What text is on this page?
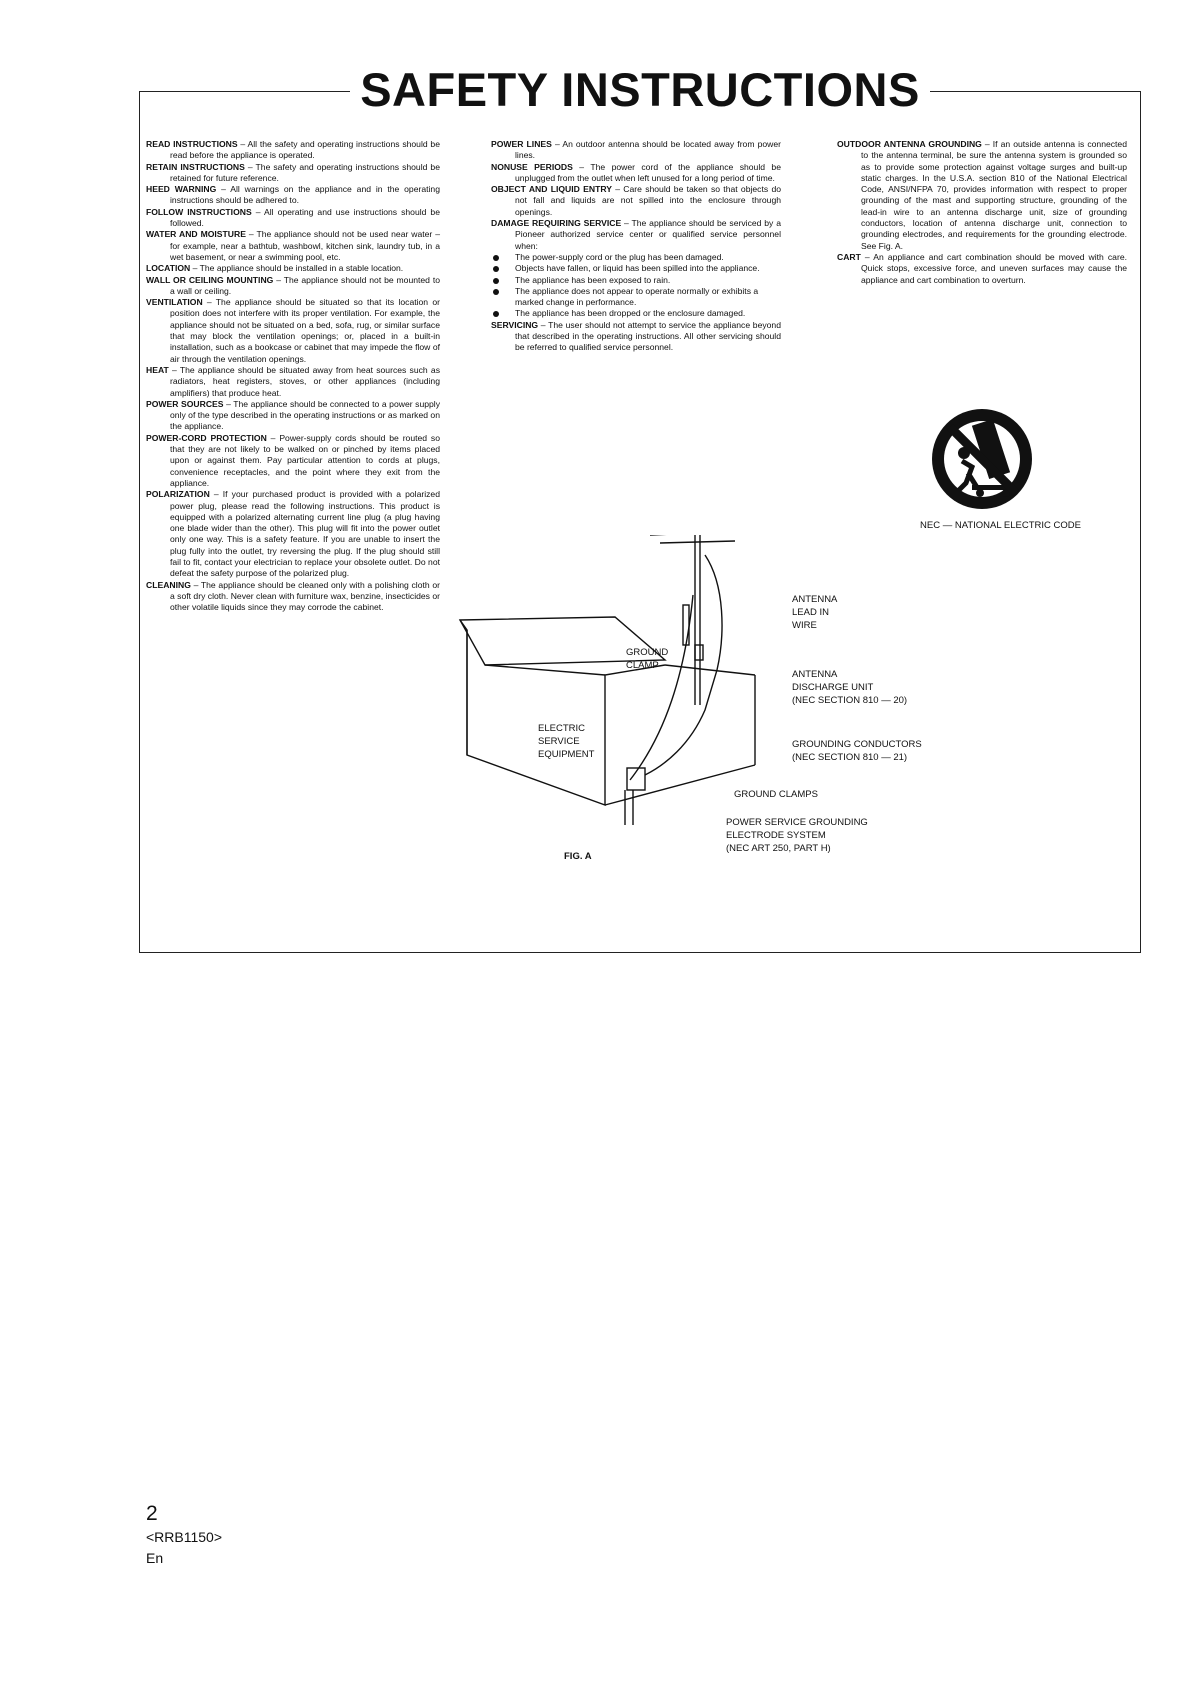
SAFETY INSTRUCTIONS

READ INSTRUCTIONS – All the safety and operating instructions should be read before the appliance is operated.

RETAIN INSTRUCTIONS – The safety and operating instructions should be retained for future reference.

HEED WARNING – All warnings on the appliance and in the operating instructions should be adhered to.

FOLLOW INSTRUCTIONS – All operating and use instructions should be followed.

WATER AND MOISTURE – The appliance should not be used near water – for example, near a bathtub, washbowl, kitchen sink, laundry tub, in a wet basement, or near a swimming pool, etc.

LOCATION – The appliance should be installed in a stable location.

WALL OR CEILING MOUNTING – The appliance should not be mounted to a wall or ceiling.

VENTILATION – The appliance should be situated so that its location or position does not interfere with its proper ventilation. For example, the appliance should not be situated on a bed, sofa, rug, or similar surface that may block the ventilation openings; or, placed in a built-in installation, such as a bookcase or cabinet that may impede the flow of air through the ventilation openings.

HEAT – The appliance should be situated away from heat sources such as radiators, heat registers, stoves, or other appliances (including amplifiers) that produce heat.

POWER SOURCES – The appliance should be connected to a power supply only of the type described in the operating instructions or as marked on the appliance.

POWER-CORD PROTECTION – Power-supply cords should be routed so that they are not likely to be walked on or pinched by items placed upon or against them. Pay particular attention to cords at plugs, convenience receptacles, and the point where they exit from the appliance.

POLARIZATION – If your purchased product is provided with a polarized power plug, please read the following instructions. This product is equipped with a polarized alternating current line plug (a plug having one blade wider than the other). This plug will fit into the power outlet only one way. This is a safety feature. If you are unable to insert the plug fully into the outlet, try reversing the plug. If the plug should still fail to fit, contact your electrician to replace your obsolete outlet. Do not defeat the safety purpose of the polarized plug.

CLEANING – The appliance should be cleaned only with a polishing cloth or a soft dry cloth. Never clean with furniture wax, benzine, insecticides or other volatile liquids since they may corrode the cabinet.

POWER LINES – An outdoor antenna should be located away from power lines.

NONUSE PERIODS – The power cord of the appliance should be unplugged from the outlet when left unused for a long period of time.

OBJECT AND LIQUID ENTRY – Care should be taken so that objects do not fall and liquids are not spilled into the enclosure through openings.

DAMAGE REQUIRING SERVICE – The appliance should be serviced by a Pioneer authorized service center or qualified service personnel when:

The power-supply cord or the plug has been damaged.

Objects have fallen, or liquid has been spilled into the appliance.

The appliance has been exposed to rain.

The appliance does not appear to operate normally or exhibits a marked change in performance.

The appliance has been dropped or the enclosure damaged.

SERVICING – The user should not attempt to service the appliance beyond that described in the operating instructions. All other servicing should be referred to qualified service personnel.

OUTDOOR ANTENNA GROUNDING – If an outside antenna is connected to the antenna terminal, be sure the antenna system is grounded so as to provide some protection against voltage surges and built-up static charges. In the U.S.A. section 810 of the National Electrical Code, ANSI/NFPA 70, provides information with respect to proper grounding of the mast and supporting structure, grounding of the lead-in wire to an antenna discharge unit, size of grounding conductors, location of antenna discharge unit, connection to grounding electrodes, and requirements for the grounding electrode. See Fig. A.

CART – An appliance and cart combination should be moved with care. Quick stops, excessive force, and uneven surfaces may cause the appliance and cart combination to overturn.

NEC — NATIONAL ELECTRIC CODE
ANTENNA
LEAD IN
WIRE
GROUND
CLAMP
ANTENNA
DISCHARGE UNIT
(NEC SECTION 810 — 20)
ELECTRIC
SERVICE
EQUIPMENT
GROUNDING CONDUCTORS
(NEC SECTION 810 — 21)
GROUND CLAMPS
POWER SERVICE GROUNDING
ELECTRODE SYSTEM
(NEC ART 250, PART H)
FIG. A
2
<RRB1150>
En
